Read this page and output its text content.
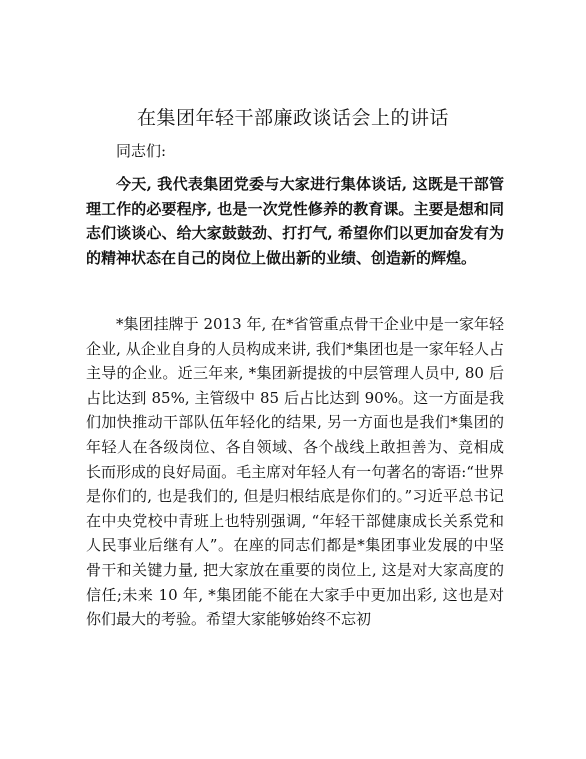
在集团年轻干部廉政谈话会上的讲话

同志们:

今天, 我代表集团党委与大家进行集体谈话, 这既是干部管理工作的必要程序, 也是一次党性修养的教育课。主要是想和同志们谈谈心、给大家鼓鼓劲、打打气, 希望你们以更加奋发有为的精神状态在自己的岗位上做出新的业绩、创造新的辉煌。

*集团挂牌于 2013 年, 在*省管重点骨干企业中是一家年轻企业, 从企业自身的人员构成来讲, 我们*集团也是一家年轻人占主导的企业。近三年来, *集团新提拔的中层管理人员中, 80 后占比达到 85%, 主管级中 85 后占比达到 90%。这一方面是我们加快推动干部队伍年轻化的结果, 另一方面也是我们*集团的年轻人在各级岗位、各自领域、各个战线上敢担善为、竞相成长而形成的良好局面。毛主席对年轻人有一句著名的寄语:“世界是你们的, 也是我们的, 但是归根结底是你们的。”习近平总书记在中央党校中青班上也特别强调, “年轻干部健康成长关系党和人民事业后继有人”。在座的同志们都是*集团事业发展的中坚骨干和关键力量, 把大家放在重要的岗位上, 这是对大家高度的信任;未来 10 年, *集团能不能在大家手中更加出彩, 这也是对你们最大的考验。希望大家能够始终不忘初
